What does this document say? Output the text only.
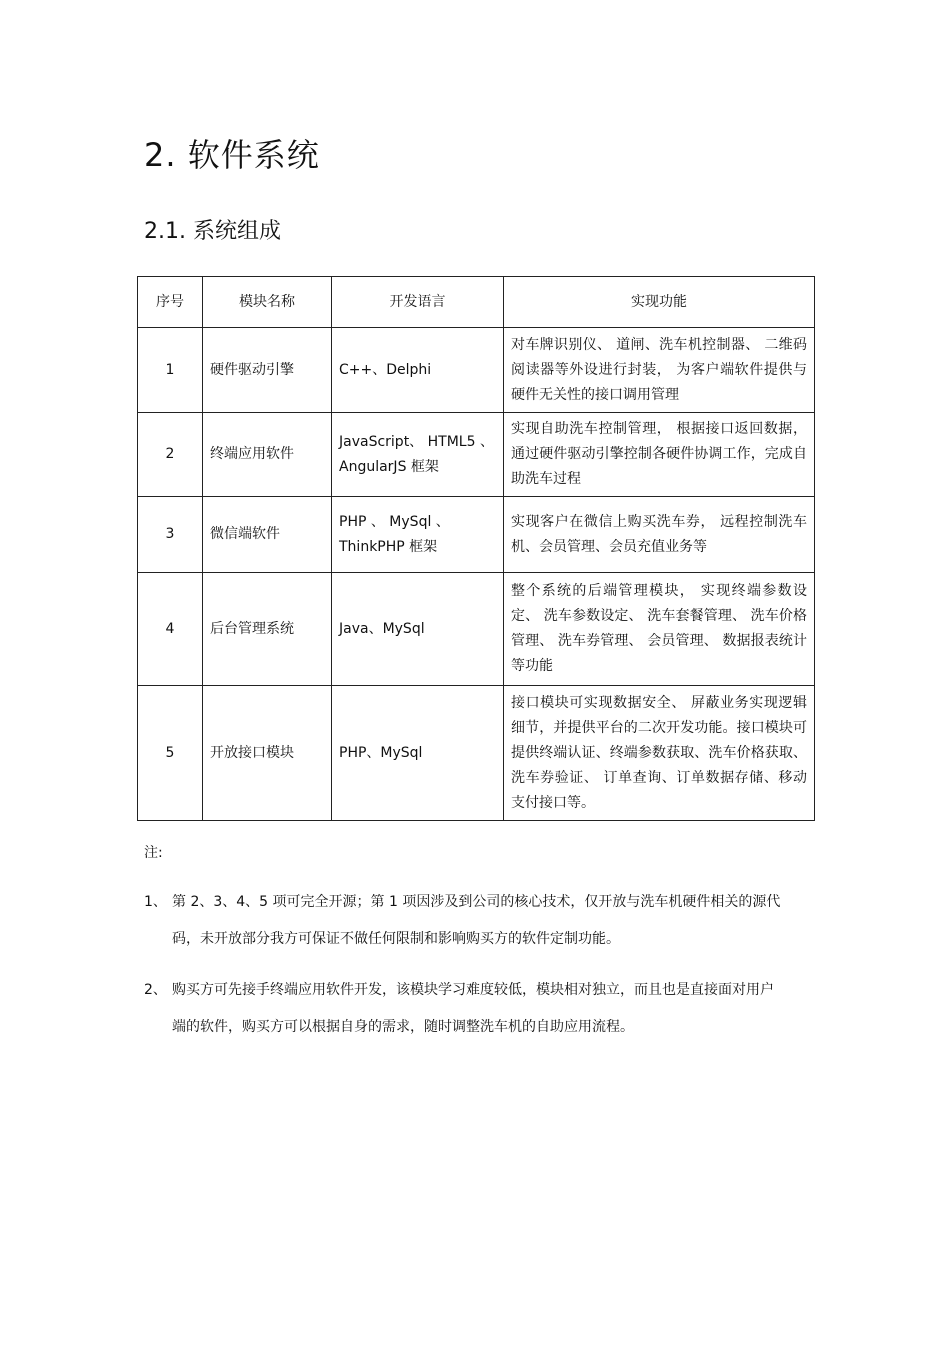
2. 软件系统
2.1. 系统组成
序号	模块名称	开发语言	实现功能
1	硬件驱动引擎	C++、Delphi	对车牌识别仪、 道闸、洗车机控制器、 二维码阅读器等外设进行封装， 为客户端软件提供与硬件无关性的接口调用管理
2	终端应用软件	JavaScript、 HTML5 、AngularJS 框架	实现自助洗车控制管理， 根据接口返回数据，通过硬件驱动引擎控制各硬件协调工作，完成自助洗车过程
3	微信端软件	PHP 、 MySql 、ThinkPHP 框架	实现客户在微信上购买洗车券， 远程控制洗车机、会员管理、会员充值业务等
4	后台管理系统	Java、MySql	整个系统的后端管理模块， 实现终端参数设定、 洗车参数设定、 洗车套餐管理、 洗车价格管理、 洗车券管理、 会员管理、 数据报表统计等功能
5	开放接口模块	PHP、MySql	接口模块可实现数据安全、 屏蔽业务实现逻辑细节，并提供平台的二次开发功能。接口模块可提供终端认证、终端参数获取、洗车价格获取、 洗车券验证、 订单查询、订单数据存储、移动支付接口等。
注:
1、 第 2、3、4、5 项可完全开源；第 1 项因涉及到公司的核心技术，仅开放与洗车机硬件相关的源代码，未开放部分我方可保证不做任何限制和影响购买方的软件定制功能。
2、 购买方可先接手终端应用软件开发，该模块学习难度较低，模块相对独立，而且也是直接面对用户端的软件，购买方可以根据自身的需求，随时调整洗车机的自助应用流程。
